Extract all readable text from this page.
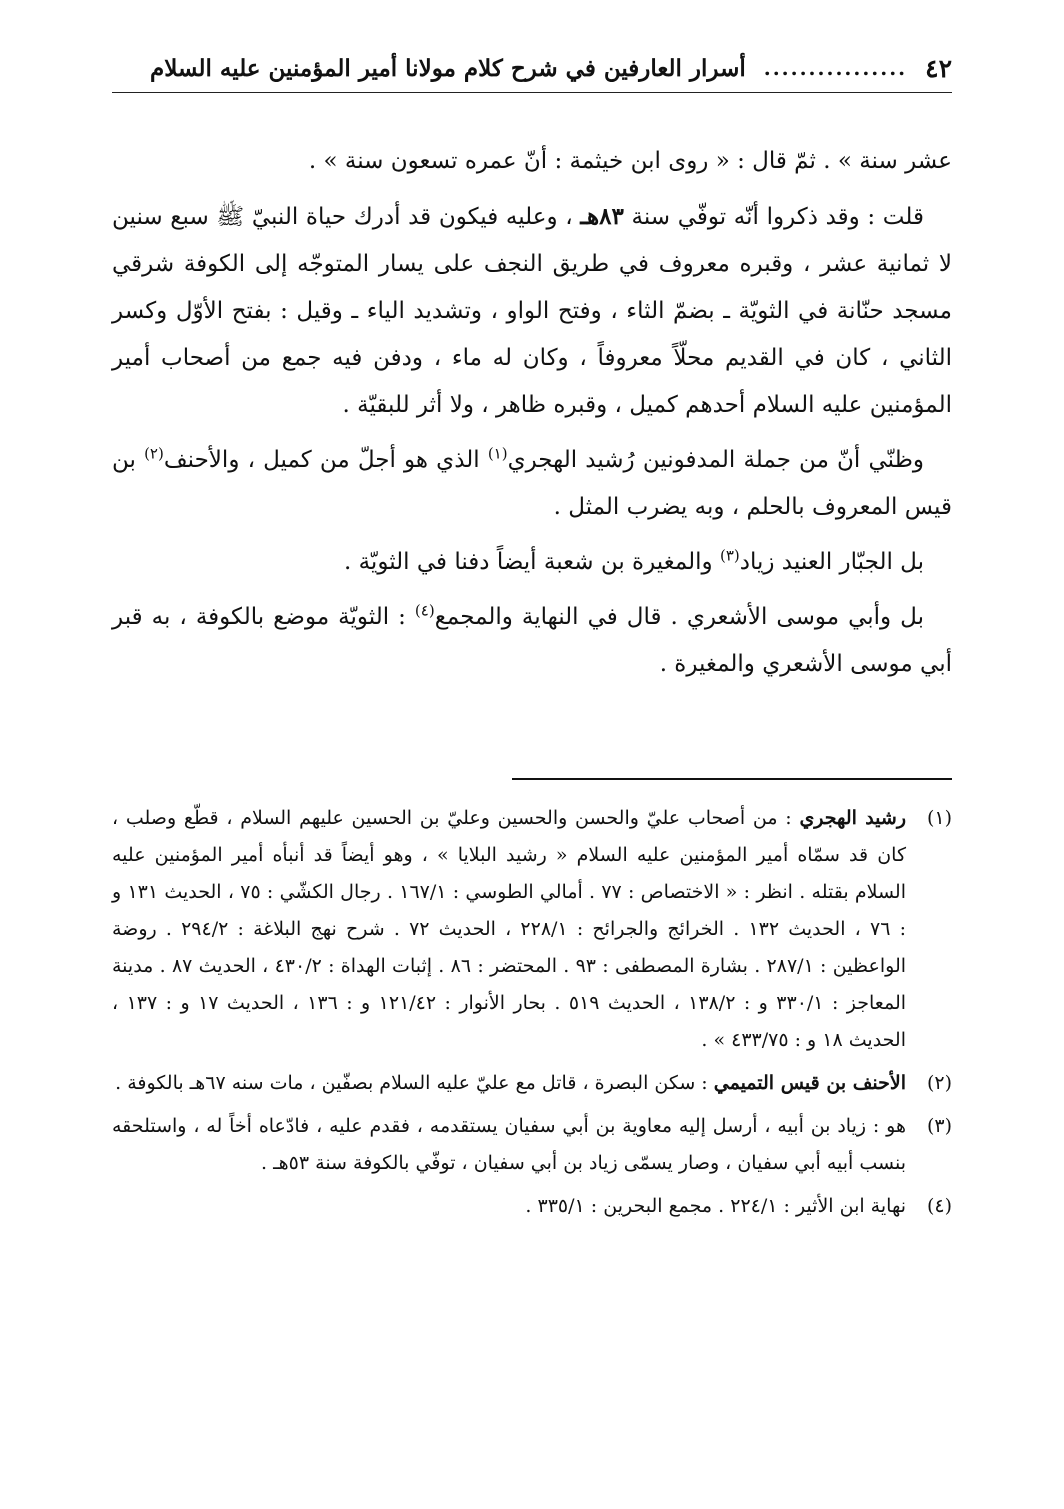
٤٢
................
أسرار العارفين في شرح كلام مولانا أمير المؤمنين عليه السلام

عشر سنة » . ثمّ قال : « روى ابن خيثمة : أنّ عمره تسعون سنة » .

قلت : وقد ذكروا أنّه توفّي سنة ٨٣هـ ، وعليه فيكون قد أدرك حياة النبيّ ﷺ سبع سنين لا ثمانية عشر ، وقبره معروف في طريق النجف على يسار المتوجّه إلى الكوفة شرقي مسجد حنّانة في الثويّة ـ بضمّ الثاء ، وفتح الواو ، وتشديد الياء ـ وقيل : بفتح الأوّل وكسر الثاني ، كان في القديم محلّاً معروفاً ، وكان له ماء ، ودفن فيه جمع من أصحاب أمير المؤمنين عليه السلام أحدهم كميل ، وقبره ظاهر ، ولا أثر للبقيّة .

وظنّي أنّ من جملة المدفونين رُشيد الهجري$^{(١)}$ الذي هو أجلّ من كميل ، والأحنف$^{(٢)}$ بن قيس المعروف بالحلم ، وبه يضرب المثل .

بل الجبّار العنيد زياد$^{(٣)}$ والمغيرة بن شعبة أيضاً دفنا في الثويّة .

بل وأبي موسى الأشعري . قال في النهاية والمجمع$^{(٤)}$ : الثويّة موضع بالكوفة ، به قبر أبي موسى الأشعري والمغيرة .

(١)
رشيد الهجري : من أصحاب عليّ والحسن والحسين وعليّ بن الحسين عليهم السلام ، قطّع وصلب ، كان قد سمّاه أمير المؤمنين عليه السلام « رشيد البلايا » ، وهو أيضاً قد أنبأه أمير المؤمنين عليه السلام بقتله . انظر : « الاختصاص : ٧٧ . أمالي الطوسي : ١٦٧/١ . رجال الكشّي : ٧٥ ، الحديث ١٣١ و : ٧٦ ، الحديث ١٣٢ . الخرائج والجرائح : ٢٢٨/١ ، الحديث ٧٢ . شرح نهج البلاغة : ٢٩٤/٢ . روضة الواعظين : ٢٨٧/١ . بشارة المصطفى : ٩٣ . المحتضر : ٨٦ . إثبات الهداة : ٤٣٠/٢ ، الحديث ٨٧ . مدينة المعاجز : ٣٣٠/١ و : ١٣٨/٢ ، الحديث ٥١٩ . بحار الأنوار : ١٢١/٤٢ و : ١٣٦ ، الحديث ١٧ و : ١٣٧ ، الحديث ١٨ و : ٤٣٣/٧٥ » .
(٢)
الأحنف بن قيس التميمي : سكن البصرة ، قاتل مع عليّ عليه السلام بصفّين ، مات سنه ٦٧هـ بالكوفة .
(٣)
هو : زياد بن أبيه ، أرسل إليه معاوية بن أبي سفيان يستقدمه ، فقدم عليه ، فادّعاه أخاً له ، واستلحقه بنسب أبيه أبي سفيان ، وصار يسمّى زياد بن أبي سفيان ، توفّي بالكوفة سنة ٥٣هـ .
(٤)
نهاية ابن الأثير : ٢٢٤/١ . مجمع البحرين : ٣٣٥/١ .
